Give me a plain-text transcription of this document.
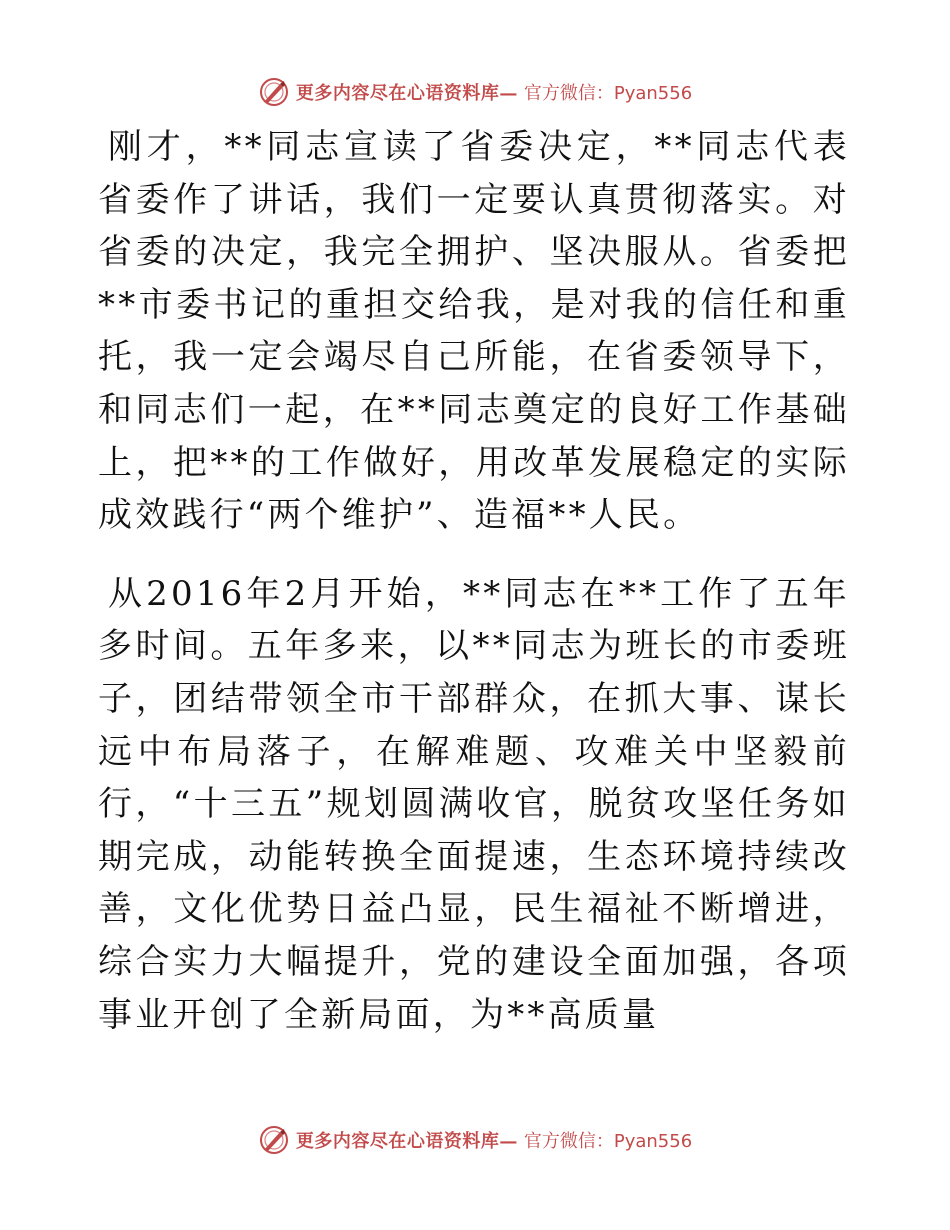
更多内容尽在心语资料库— 官方微信：Pyan556

刚才，**同志宣读了省委决定，**同志代表省委作了讲话，我们一定要认真贯彻落实。对省委的决定，我完全拥护、坚决服从。省委把**市委书记的重担交给我，是对我的信任和重托，我一定会竭尽自己所能，在省委领导下，和同志们一起，在**同志奠定的良好工作基础上，把**的工作做好，用改革发展稳定的实际成效践行“两个维护”、造福**人民。

从2016年2月开始，**同志在**工作了五年多时间。五年多来，以**同志为班长的市委班子，团结带领全市干部群众，在抓大事、谋长远中布局落子，在解难题、攻难关中坚毅前行，“十三五”规划圆满收官，脱贫攻坚任务如期完成，动能转换全面提速，生态环境持续改善，文化优势日益凸显，民生福祉不断增进，综合实力大幅提升，党的建设全面加强，各项事业开创了全新局面，为**高质量

更多内容尽在心语资料库— 官方微信：Pyan556
